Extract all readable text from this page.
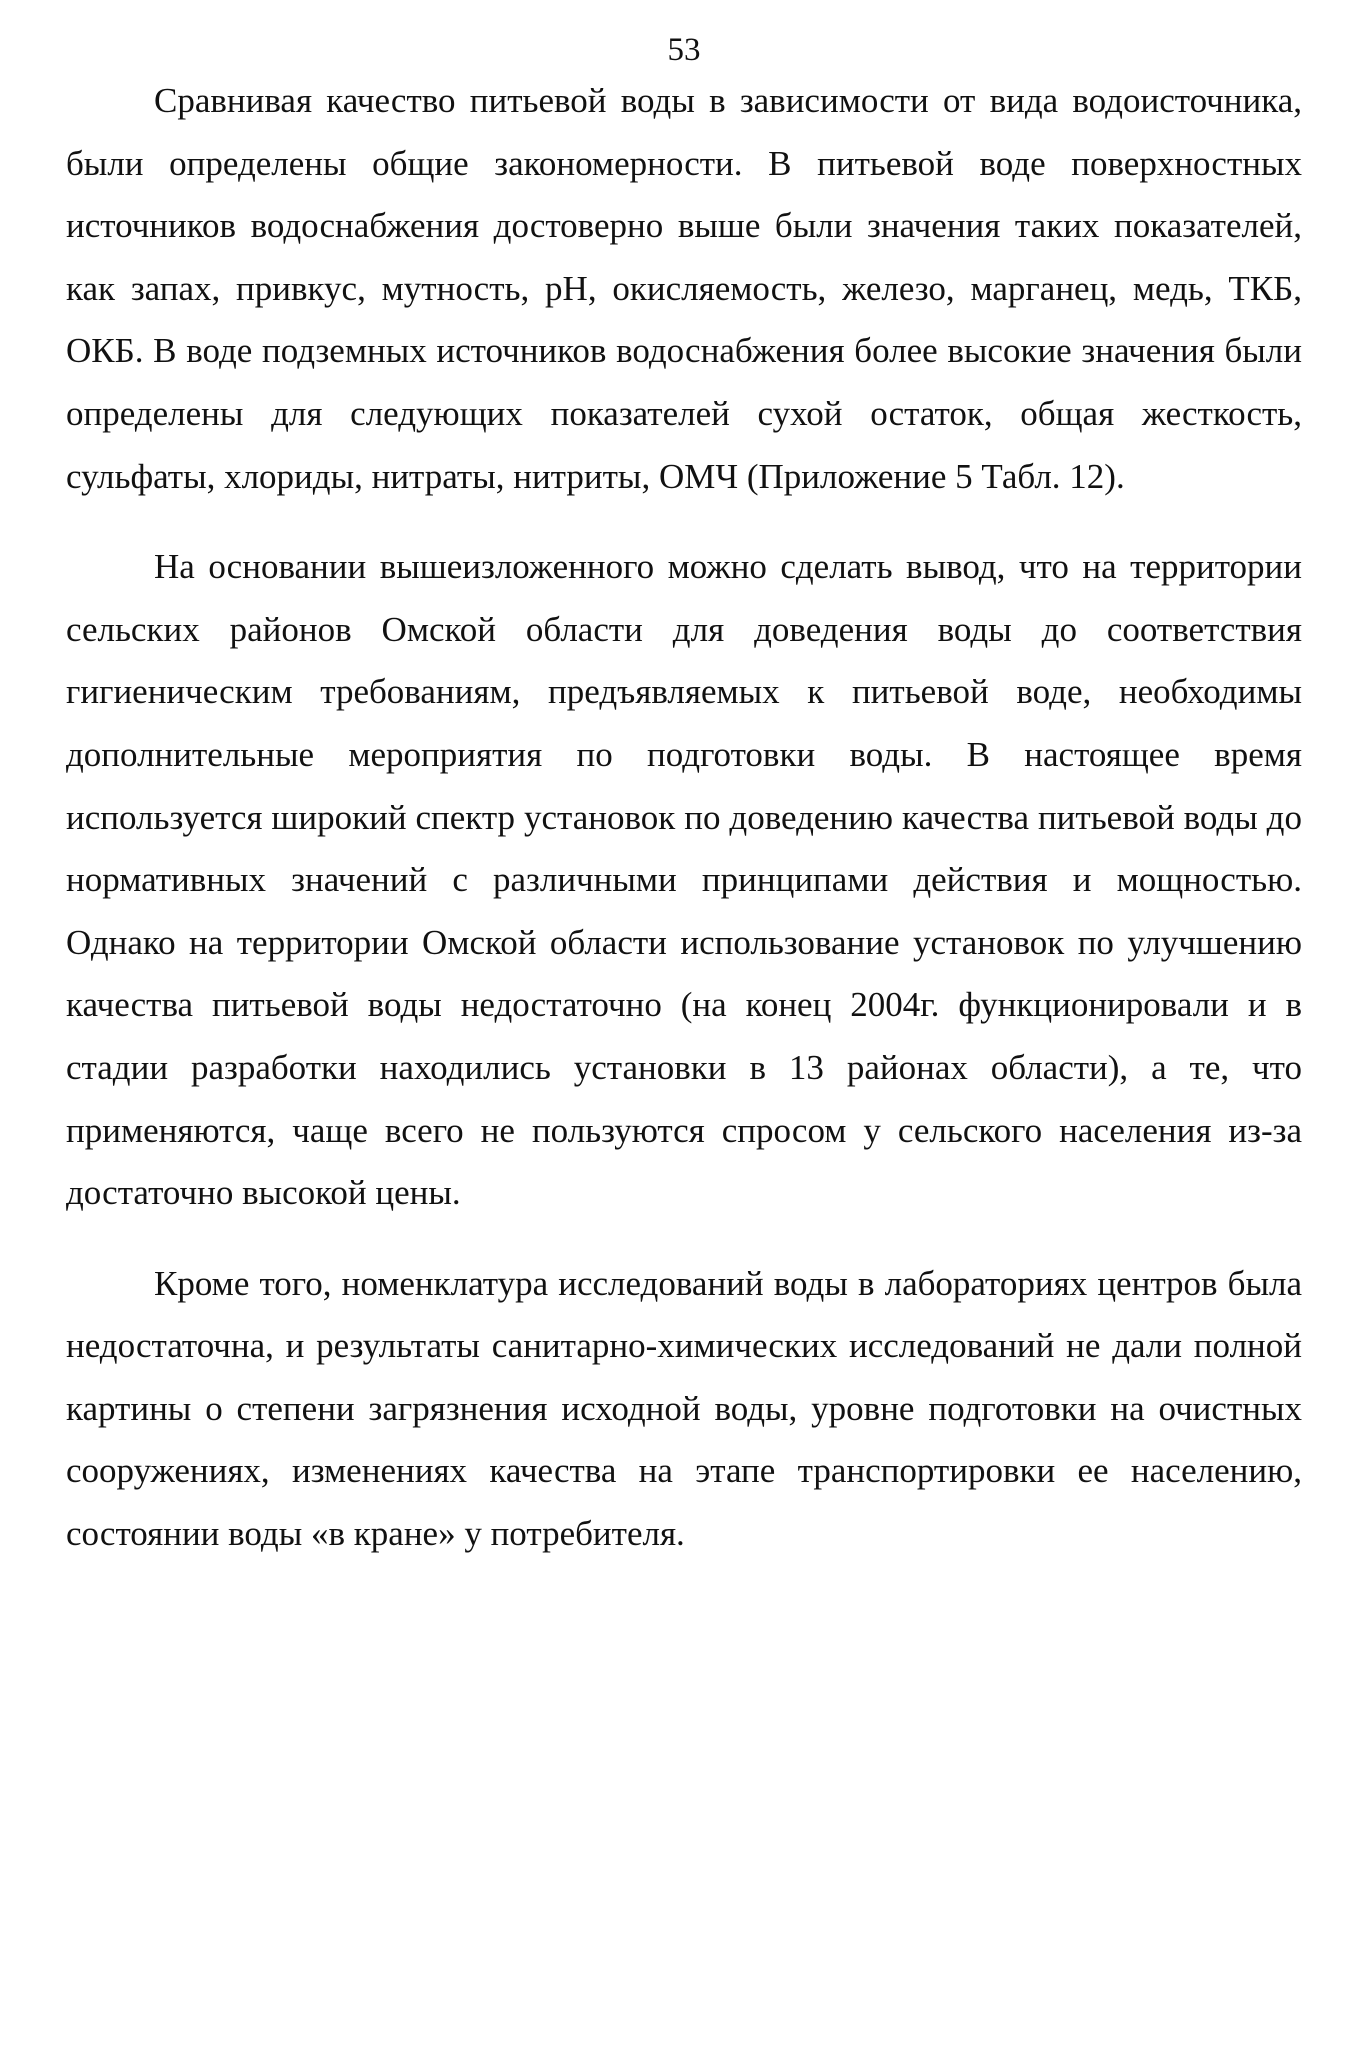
53

Сравнивая качество питьевой воды в зависимости от вида водоисточника, были определены общие закономерности. В питьевой воде поверхностных источников водоснабжения достоверно выше были значения таких показателей, как запах, привкус, мутность, pH, окисляемость, железо, марганец, медь, ТКБ, ОКБ. В воде подземных источников водоснабжения более высокие значения были определены для следующих показателей сухой остаток, общая жесткость, сульфаты, хлориды, нитраты, нитриты, ОМЧ (Приложение 5 Табл. 12).

На основании вышеизложенного можно сделать вывод, что на территории сельских районов Омской области для доведения воды до соответствия гигиеническим требованиям, предъявляемых к питьевой воде, необходимы дополнительные мероприятия по подготовки воды. В настоящее время используется широкий спектр установок по доведению качества питьевой воды до нормативных значений с различными принципами действия и мощностью. Однако на территории Омской области использование установок по улучшению качества питьевой воды недостаточно (на конец 2004г. функционировали и в стадии разработки находились установки в 13 районах области), а те, что применяются, чаще всего не пользуются спросом у сельского населения из-за достаточно высокой цены.

Кроме того, номенклатура исследований воды в лабораториях центров была недостаточна, и результаты санитарно-химических исследований не дали полной картины о степени загрязнения исходной воды, уровне подготовки на очистных сооружениях, изменениях качества на этапе транспортировки ее населению, состоянии воды «в кране» у потребителя.
